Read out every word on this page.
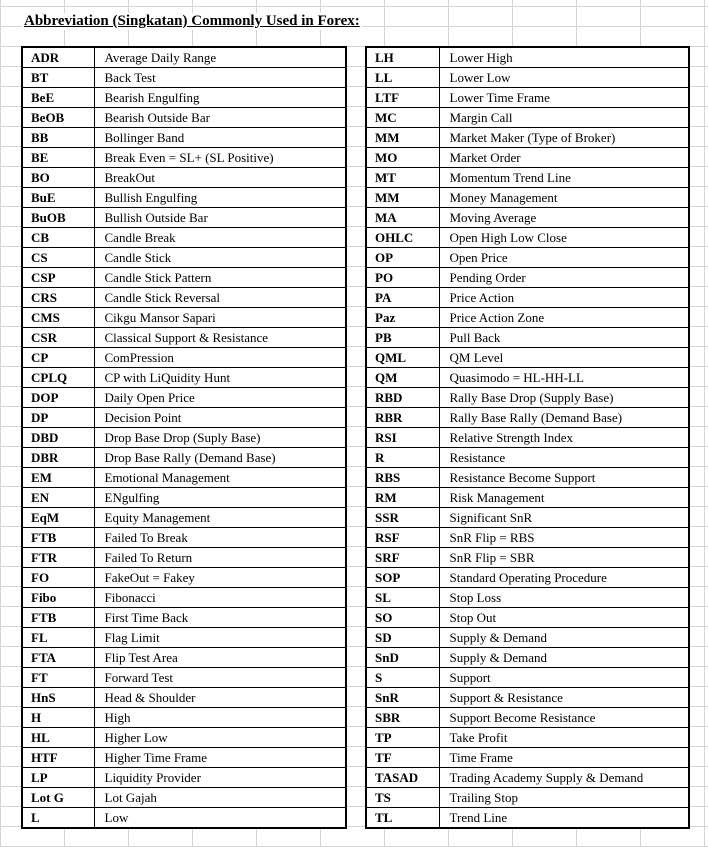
Abbreviation (Singkatan) Commonly Used in Forex:
ADR	Average Daily Range
BT	Back Test
BeE	Bearish Engulfing
BeOB	Bearish Outside Bar
BB	Bollinger Band
BE	Break Even = SL+ (SL Positive)
BO	BreakOut
BuE	Bullish Engulfing
BuOB	Bullish Outside Bar
CB	Candle Break
CS	Candle Stick
CSP	Candle Stick Pattern
CRS	Candle Stick Reversal
CMS	Cikgu Mansor Sapari
CSR	Classical Support & Resistance
CP	ComPression
CPLQ	CP with LiQuidity Hunt
DOP	Daily Open Price
DP	Decision Point
DBD	Drop Base Drop (Suply Base)
DBR	Drop Base Rally (Demand Base)
EM	Emotional Management
EN	ENgulfing
EqM	Equity Management
FTB	Failed To Break
FTR	Failed To Return
FO	FakeOut = Fakey
Fibo	Fibonacci
FTB	First Time Back
FL	Flag Limit
FTA	Flip Test Area
FT	Forward Test
HnS	Head & Shoulder
H	High
HL	Higher Low
HTF	Higher Time Frame
LP	Liquidity Provider
Lot G	Lot Gajah
L	Low
LH	Lower High
LL	Lower Low
LTF	Lower Time Frame
MC	Margin Call
MM	Market Maker (Type of Broker)
MO	Market Order
MT	Momentum Trend Line
MM	Money Management
MA	Moving Average
OHLC	Open High Low Close
OP	Open Price
PO	Pending Order
PA	Price Action
Paz	Price Action Zone
PB	Pull Back
QML	QM Level
QM	Quasimodo = HL-HH-LL
RBD	Rally Base Drop (Supply Base)
RBR	Rally Base Rally (Demand Base)
RSI	Relative Strength Index
R	Resistance
RBS	Resistance Become Support
RM	Risk Management
SSR	Significant SnR
RSF	SnR Flip = RBS
SRF	SnR Flip = SBR
SOP	Standard Operating Procedure
SL	Stop Loss
SO	Stop Out
SD	Supply & Demand
SnD	Supply & Demand
S	Support
SnR	Support & Resistance
SBR	Support Become Resistance
TP	Take Profit
TF	Time Frame
TASAD	Trading Academy Supply & Demand
TS	Trailing Stop
TL	Trend Line
